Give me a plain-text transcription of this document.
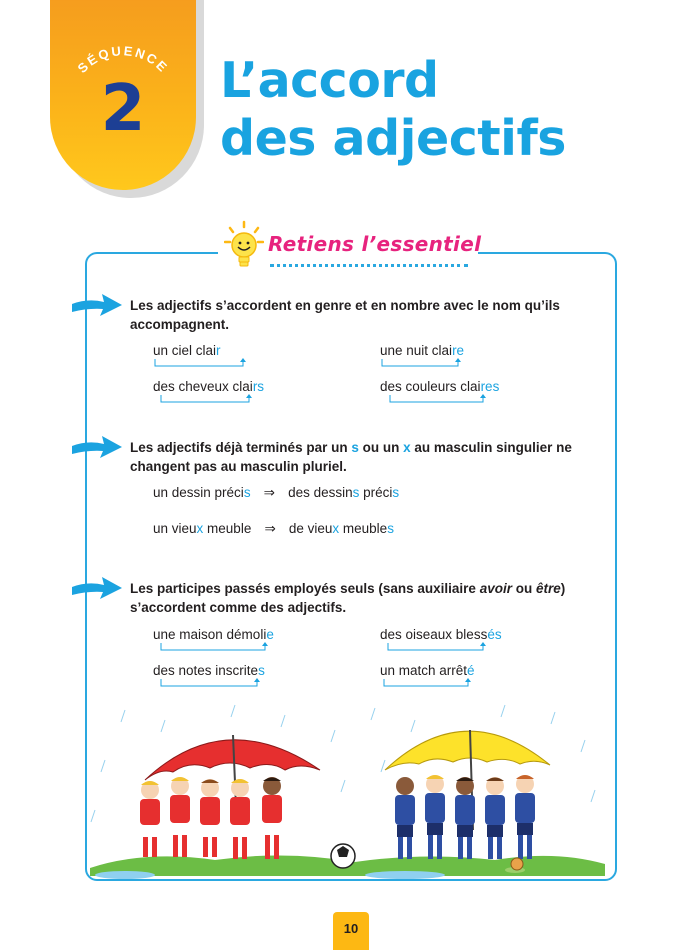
SÉQUENCE
2	L’accord
des adjectifs
Retiens l’essentiel
Les adjectifs s’accordent en genre et en nombre avec le nom qu’ils accompagnent.
un ciel clair	une nuit claire
des cheveux clairs	des couleurs claires
Les adjectifs déjà terminés par un s ou un x au masculin singulier ne changent pas au masculin pluriel.
un dessin précis ⇒ des dessins précis
un vieux meuble ⇒ de vieux meubles
Les participes passés employés seuls (sans auxiliaire avoir ou être) s’accordent comme des adjectifs.
une maison démolie	des oiseaux blessés
des notes inscrites	un match arrêté
10
